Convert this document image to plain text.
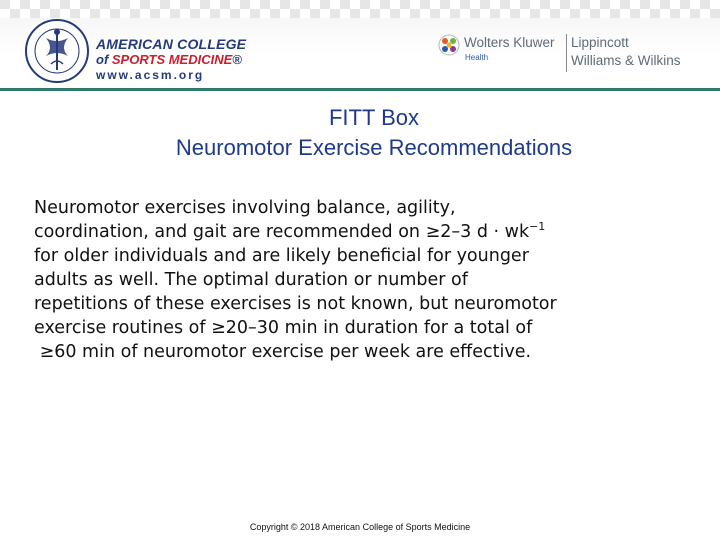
AMERICAN COLLEGE
of SPORTS MEDICINE®
www.acsm.org
Wolters Kluwer
Health
Lippincott
Williams & Wilkins
FITT Box
Neuromotor Exercise Recommendations
Neuromotor exercises involving balance, agility,
coordination, and gait are recommended on ≥2–3 $d \cdot wk^{-1}$
for older individuals and are likely beneficial for younger
adults as well. The optimal duration or number of
repetitions of these exercises is not known, but neuromotor
exercise routines of ≥20–30 min in duration for a total of
≥60 min of neuromotor exercise per week are effective.
Copyright © 2018 American College of Sports Medicine
